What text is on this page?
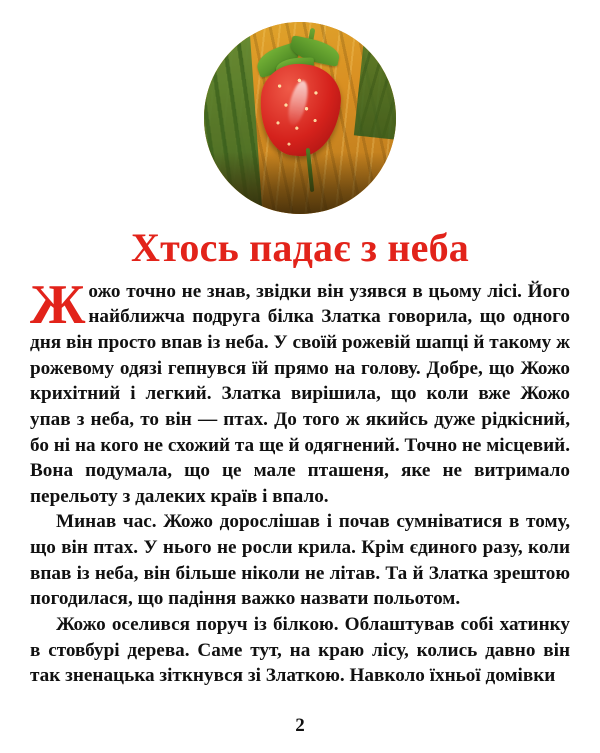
Хтось падає з неба

Жожо точно не знав, звідки він узявся в цьому лісі. Його найближча подруга білка Златка говорила, що одного дня він просто впав із неба. У своїй рожевій шапці й такому ж рожевому одязі гепнувся їй прямо на голову. Добре, що Жожо крихітний і легкий. Златка вирішила, що коли вже Жожо упав з неба, то він — птах. До того ж якийсь дуже рідкісний, бо ні на кого не схожий та ще й одягнений. Точно не місцевий. Вона подумала, що це мале пташеня, яке не витримало перельоту з далеких країв і впало.

Минав час. Жожо дорослішав і почав сумніватися в тому, що він птах. У нього не росли крила. Крім єдиного разу, коли впав із неба, він більше ніколи не літав. Та й Златка зрештою погодилася, що падіння важко назвати польотом.

Жожо оселився поруч із білкою. Облаштував собі хатинку в стовбурі дерева. Саме тут, на краю лісу, колись давно він так зненацька зіткнувся зі Златкою. Навколо їхньої домівки

2
